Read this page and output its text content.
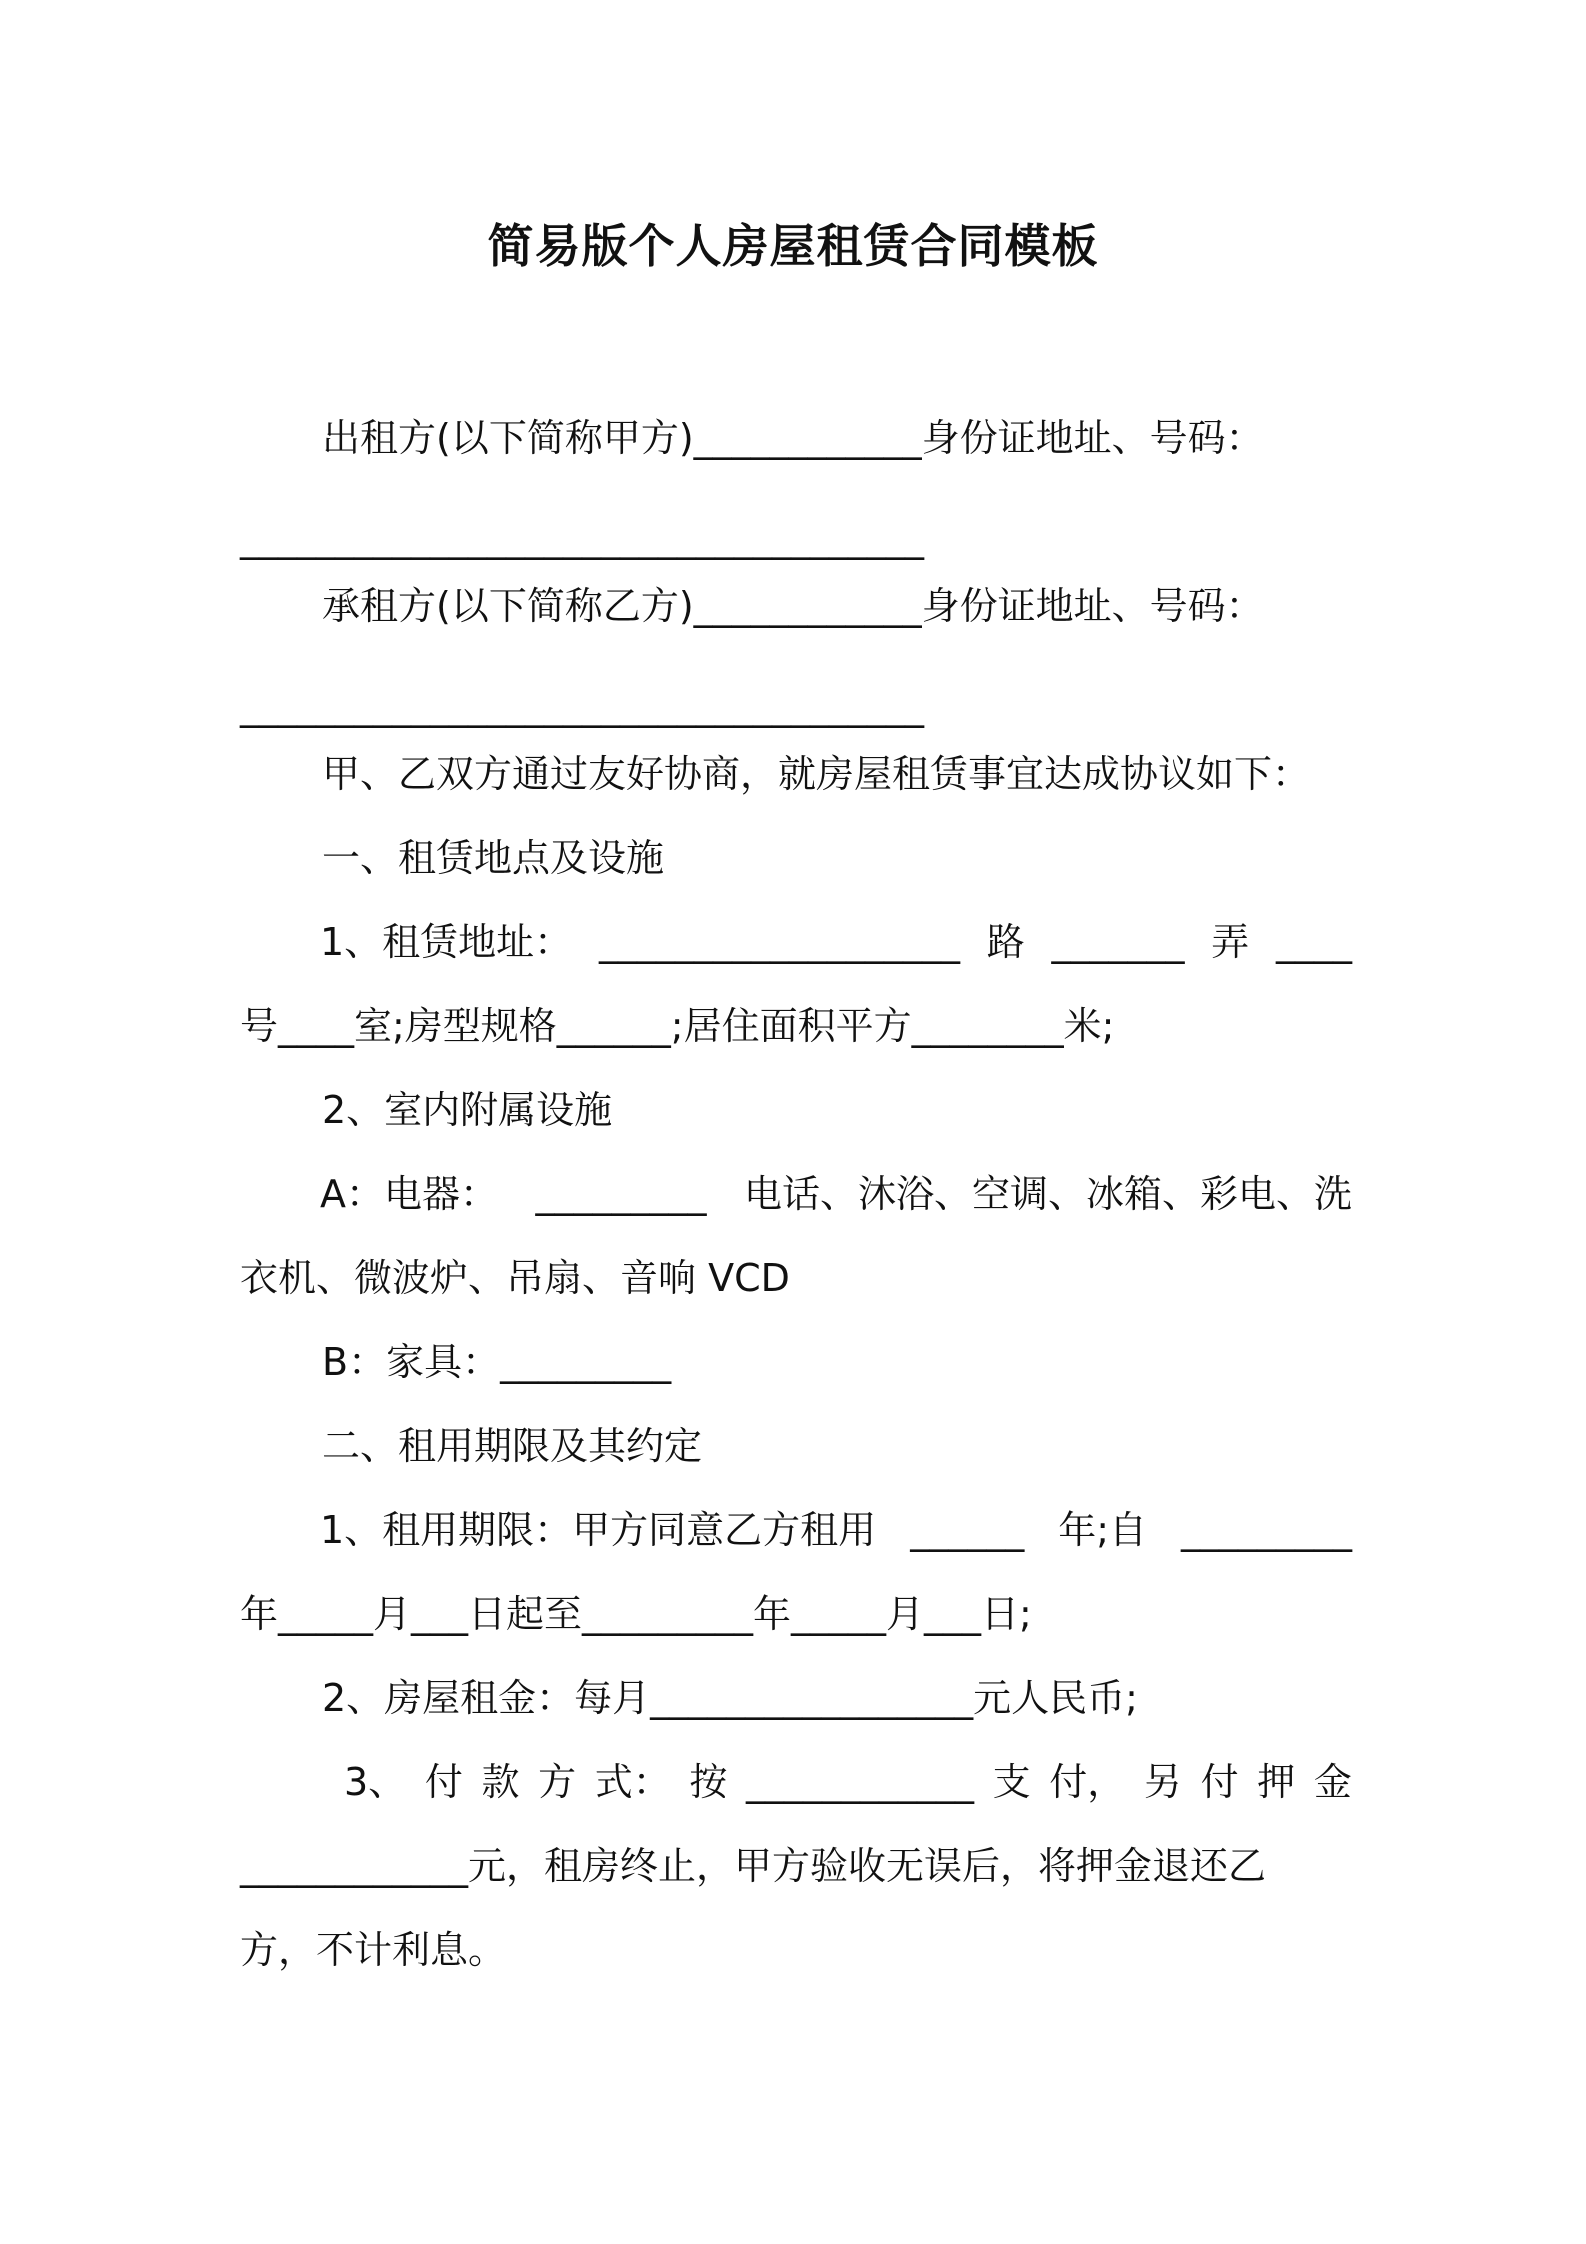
简易版个人房屋租赁合同模板

出租方(以下简称甲方)____________身份证地址、号码：

____________________________________

承租方(以下简称乙方)____________身份证地址、号码：

____________________________________

甲、乙双方通过友好协商，就房屋租赁事宜达成协议如下：

一、租赁地点及设施

1、租赁地址： ___________________ 路 _______ 弄 ____

号____室;房型规格______;居住面积平方________米;

2、室内附属设施

A：电器： _________ 电话、沐浴、空调、冰箱、彩电、洗

衣机、微波炉、吊扇、音响 VCD

B：家具：_________

二、租用期限及其约定

1、租用期限：甲方同意乙方租用 ______ 年;自 _________

年_____月___日起至_________年_____月___日;

2、房屋租金：每月_________________元人民币;

3、 付 款 方 式： 按 ____________ 支 付， 另 付 押 金

____________元，租房终止，甲方验收无误后，将押金退还乙

方，不计利息。
